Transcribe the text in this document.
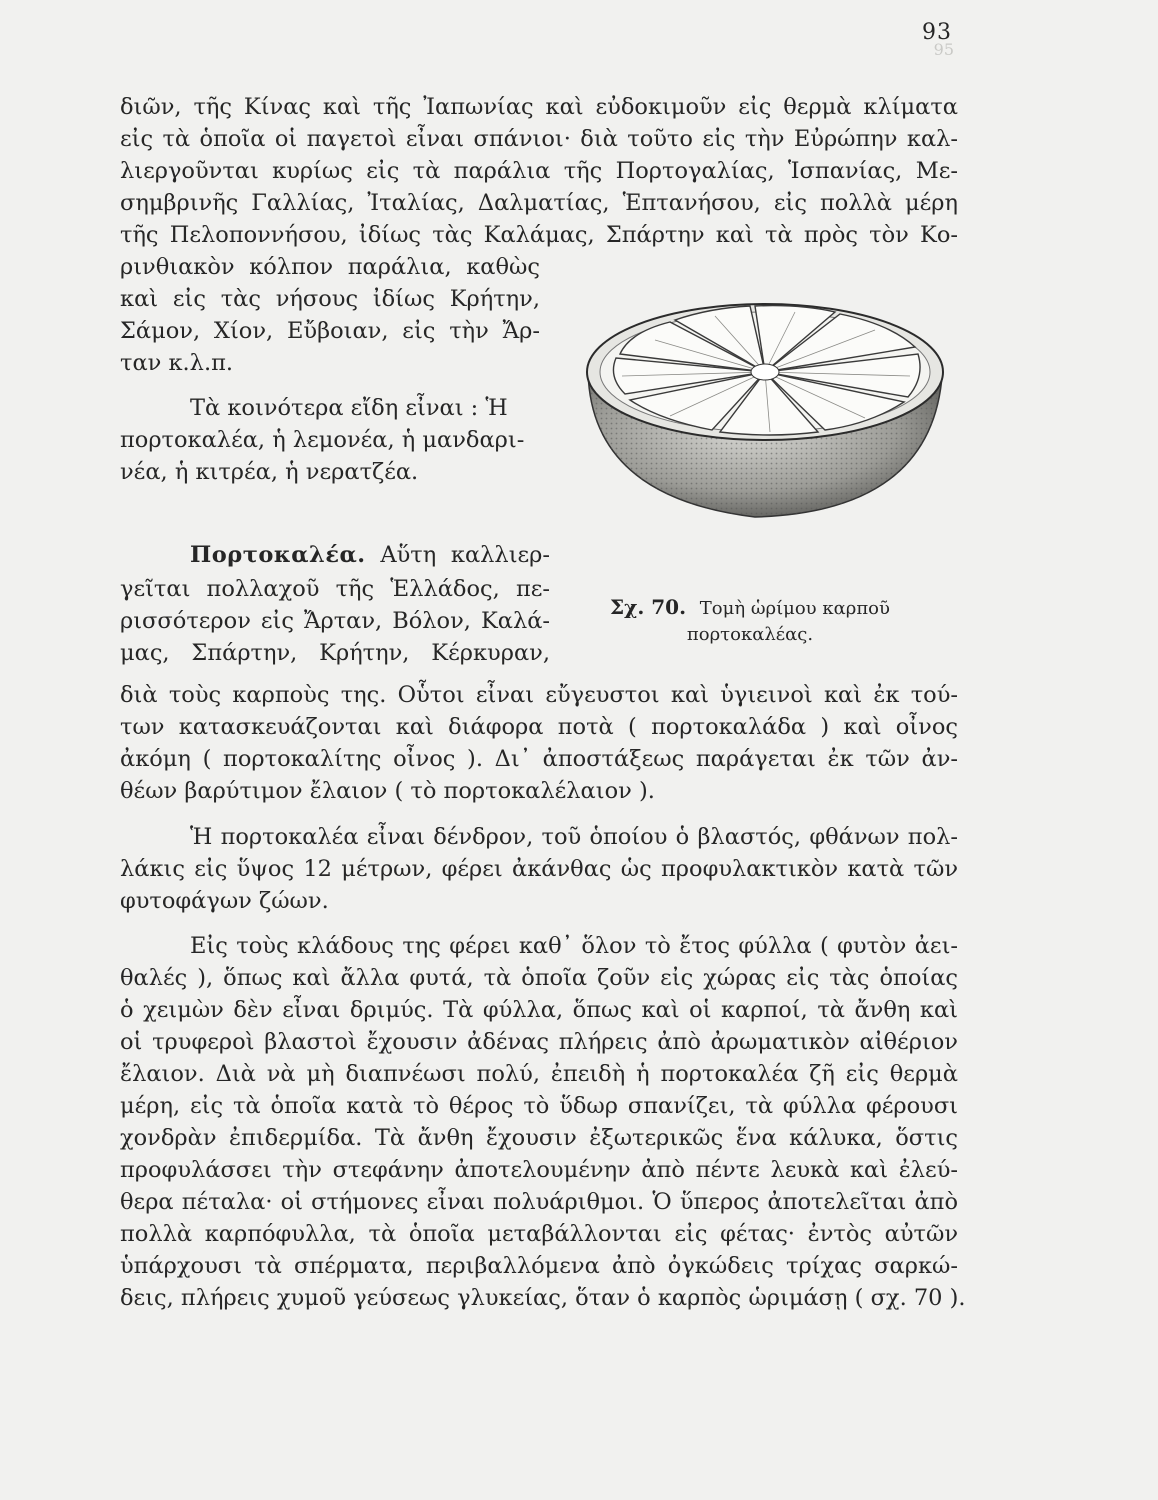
93
95
διῶν, τῆς Κίνας καὶ τῆς Ἰαπωνίας καὶ εὐδοκιμοῦν εἰς θερμὰ κλίματα
εἰς τὰ ὁποῖα οἱ παγετοὶ εἶναι σπάνιοι· διὰ τοῦτο εἰς τὴν Εὐρώπην καλ-
λιεργοῦνται κυρίως εἰς τὰ παράλια τῆς Πορτογαλίας, Ἱσπανίας, Με-
σημβρινῆς Γαλλίας, Ἰταλίας, Δαλματίας, Ἑπτανήσου, εἰς πολλὰ μέρη
τῆς Πελοποννήσου, ἰδίως τὰς Καλάμας, Σπάρτην καὶ τὰ πρὸς τὸν Κο-
ρινθιακὸν κόλπον παράλια, καθὼς
καὶ εἰς τὰς νήσους ἰδίως Κρήτην,
Σάμον, Χίον, Εὔβοιαν, εἰς τὴν Ἄρ-
ταν κ.λ.π.
Τὰ κοινότερα εἴδη εἶναι : Ἡ
πορτοκαλέα, ἡ λεμονέα, ἡ μανδαρι-
νέα, ἡ κιτρέα, ἡ νερατζέα.
Πορτοκαλέα. Αὕτη καλλιερ-
γεῖται πολλαχοῦ τῆς Ἑλλάδος, πε-
ρισσότερον εἰς Ἄρταν, Βόλον, Καλά-
μας, Σπάρτην, Κρήτην, Κέρκυραν,
διὰ τοὺς καρποὺς της. Οὗτοι εἶναι εὔγευστοι καὶ ὑγιεινοὶ καὶ ἐκ τού-
των κατασκευάζονται καὶ διάφορα ποτὰ ( πορτοκαλάδα ) καὶ οἶνος
ἀκόμη ( πορτοκαλίτης οἶνος ). Δι᾿ ἀποστάξεως παράγεται ἐκ τῶν ἀν-
θέων βαρύτιμον ἔλαιον ( τὸ πορτοκαλέλαιον ).
Σχ. 70. Τομὴ ὡρίμου καρποῦ
πορτοκαλέας.
Ἡ πορτοκαλέα εἶναι δένδρον, τοῦ ὁποίου ὁ βλαστός, φθάνων πολ-
λάκις εἰς ὕψος 12 μέτρων, φέρει ἀκάνθας ὡς προφυλακτικὸν κατὰ τῶν
φυτοφάγων ζώων.
Εἰς τοὺς κλάδους της φέρει καθ᾿ ὅλον τὸ ἔτος φύλλα ( φυτὸν ἀει-
θαλές ), ὅπως καὶ ἄλλα φυτά, τὰ ὁποῖα ζοῦν εἰς χώρας εἰς τὰς ὁποίας
ὁ χειμὼν δὲν εἶναι δριμύς. Τὰ φύλλα, ὅπως καὶ οἱ καρποί, τὰ ἄνθη καὶ
οἱ τρυφεροὶ βλαστοὶ ἔχουσιν ἀδένας πλήρεις ἀπὸ ἀρωματικὸν αἰθέριον
ἔλαιον. Διὰ νὰ μὴ διαπνέωσι πολύ, ἐπειδὴ ἡ πορτοκαλέα ζῆ εἰς θερμὰ
μέρη, εἰς τὰ ὁποῖα κατὰ τὸ θέρος τὸ ὕδωρ σπανίζει, τὰ φύλλα φέρουσι
χονδρὰν ἐπιδερμίδα. Τὰ ἄνθη ἔχουσιν ἐξωτερικῶς ἕνα κάλυκα, ὅστις
προφυλάσσει τὴν στεφάνην ἀποτελουμένην ἀπὸ πέντε λευκὰ καὶ ἐλεύ-
θερα πέταλα· οἱ στήμονες εἶναι πολυάριθμοι. Ὁ ὕπερος ἀποτελεῖται ἀπὸ
πολλὰ καρπόφυλλα, τὰ ὁποῖα μεταβάλλονται εἰς φέτας· ἐντὸς αὐτῶν
ὑπάρχουσι τὰ σπέρματα, περιβαλλόμενα ἀπὸ ὀγκώδεις τρίχας σαρκώ-
δεις, πλήρεις χυμοῦ γεύσεως γλυκείας, ὅταν ὁ καρπὸς ὡριμάσῃ ( σχ. 70 ).
